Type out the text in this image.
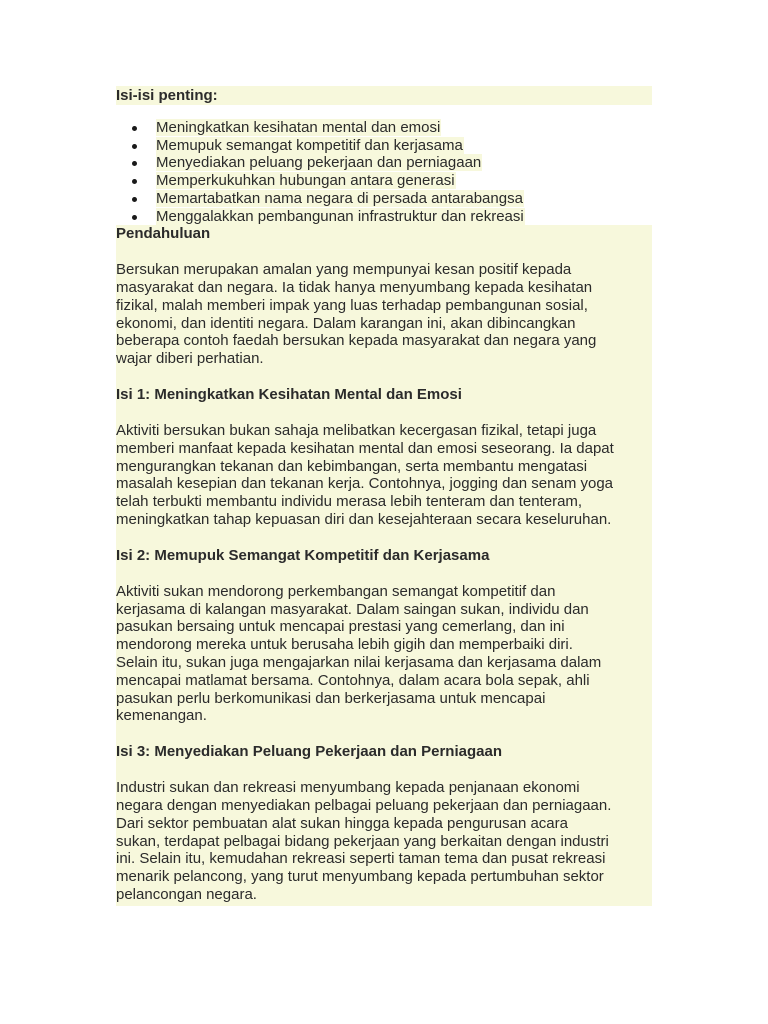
Isi-isi penting:
Meningkatkan kesihatan mental dan emosi
Memupuk semangat kompetitif dan kerjasama
Menyediakan peluang pekerjaan dan perniagaan
Memperkukuhkan hubungan antara generasi
Memartabatkan nama negara di persada antarabangsa
Menggalakkan pembangunan infrastruktur dan rekreasi
Pendahuluan
Bersukan merupakan amalan yang mempunyai kesan positif kepada
masyarakat dan negara. Ia tidak hanya menyumbang kepada kesihatan
fizikal, malah memberi impak yang luas terhadap pembangunan sosial,
ekonomi, dan identiti negara. Dalam karangan ini, akan dibincangkan
beberapa contoh faedah bersukan kepada masyarakat dan negara yang
wajar diberi perhatian.
Isi 1: Meningkatkan Kesihatan Mental dan Emosi
Aktiviti bersukan bukan sahaja melibatkan kecergasan fizikal, tetapi juga
memberi manfaat kepada kesihatan mental dan emosi seseorang. Ia dapat
mengurangkan tekanan dan kebimbangan, serta membantu mengatasi
masalah kesepian dan tekanan kerja. Contohnya, jogging dan senam yoga
telah terbukti membantu individu merasa lebih tenteram dan tenteram,
meningkatkan tahap kepuasan diri dan kesejahteraan secara keseluruhan.
Isi 2: Memupuk Semangat Kompetitif dan Kerjasama
Aktiviti sukan mendorong perkembangan semangat kompetitif dan
kerjasama di kalangan masyarakat. Dalam saingan sukan, individu dan
pasukan bersaing untuk mencapai prestasi yang cemerlang, dan ini
mendorong mereka untuk berusaha lebih gigih dan memperbaiki diri.
Selain itu, sukan juga mengajarkan nilai kerjasama dan kerjasama dalam
mencapai matlamat bersama. Contohnya, dalam acara bola sepak, ahli
pasukan perlu berkomunikasi dan berkerjasama untuk mencapai
kemenangan.
Isi 3: Menyediakan Peluang Pekerjaan dan Perniagaan
Industri sukan dan rekreasi menyumbang kepada penjanaan ekonomi
negara dengan menyediakan pelbagai peluang pekerjaan dan perniagaan.
Dari sektor pembuatan alat sukan hingga kepada pengurusan acara
sukan, terdapat pelbagai bidang pekerjaan yang berkaitan dengan industri
ini. Selain itu, kemudahan rekreasi seperti taman tema dan pusat rekreasi
menarik pelancong, yang turut menyumbang kepada pertumbuhan sektor
pelancongan negara.
